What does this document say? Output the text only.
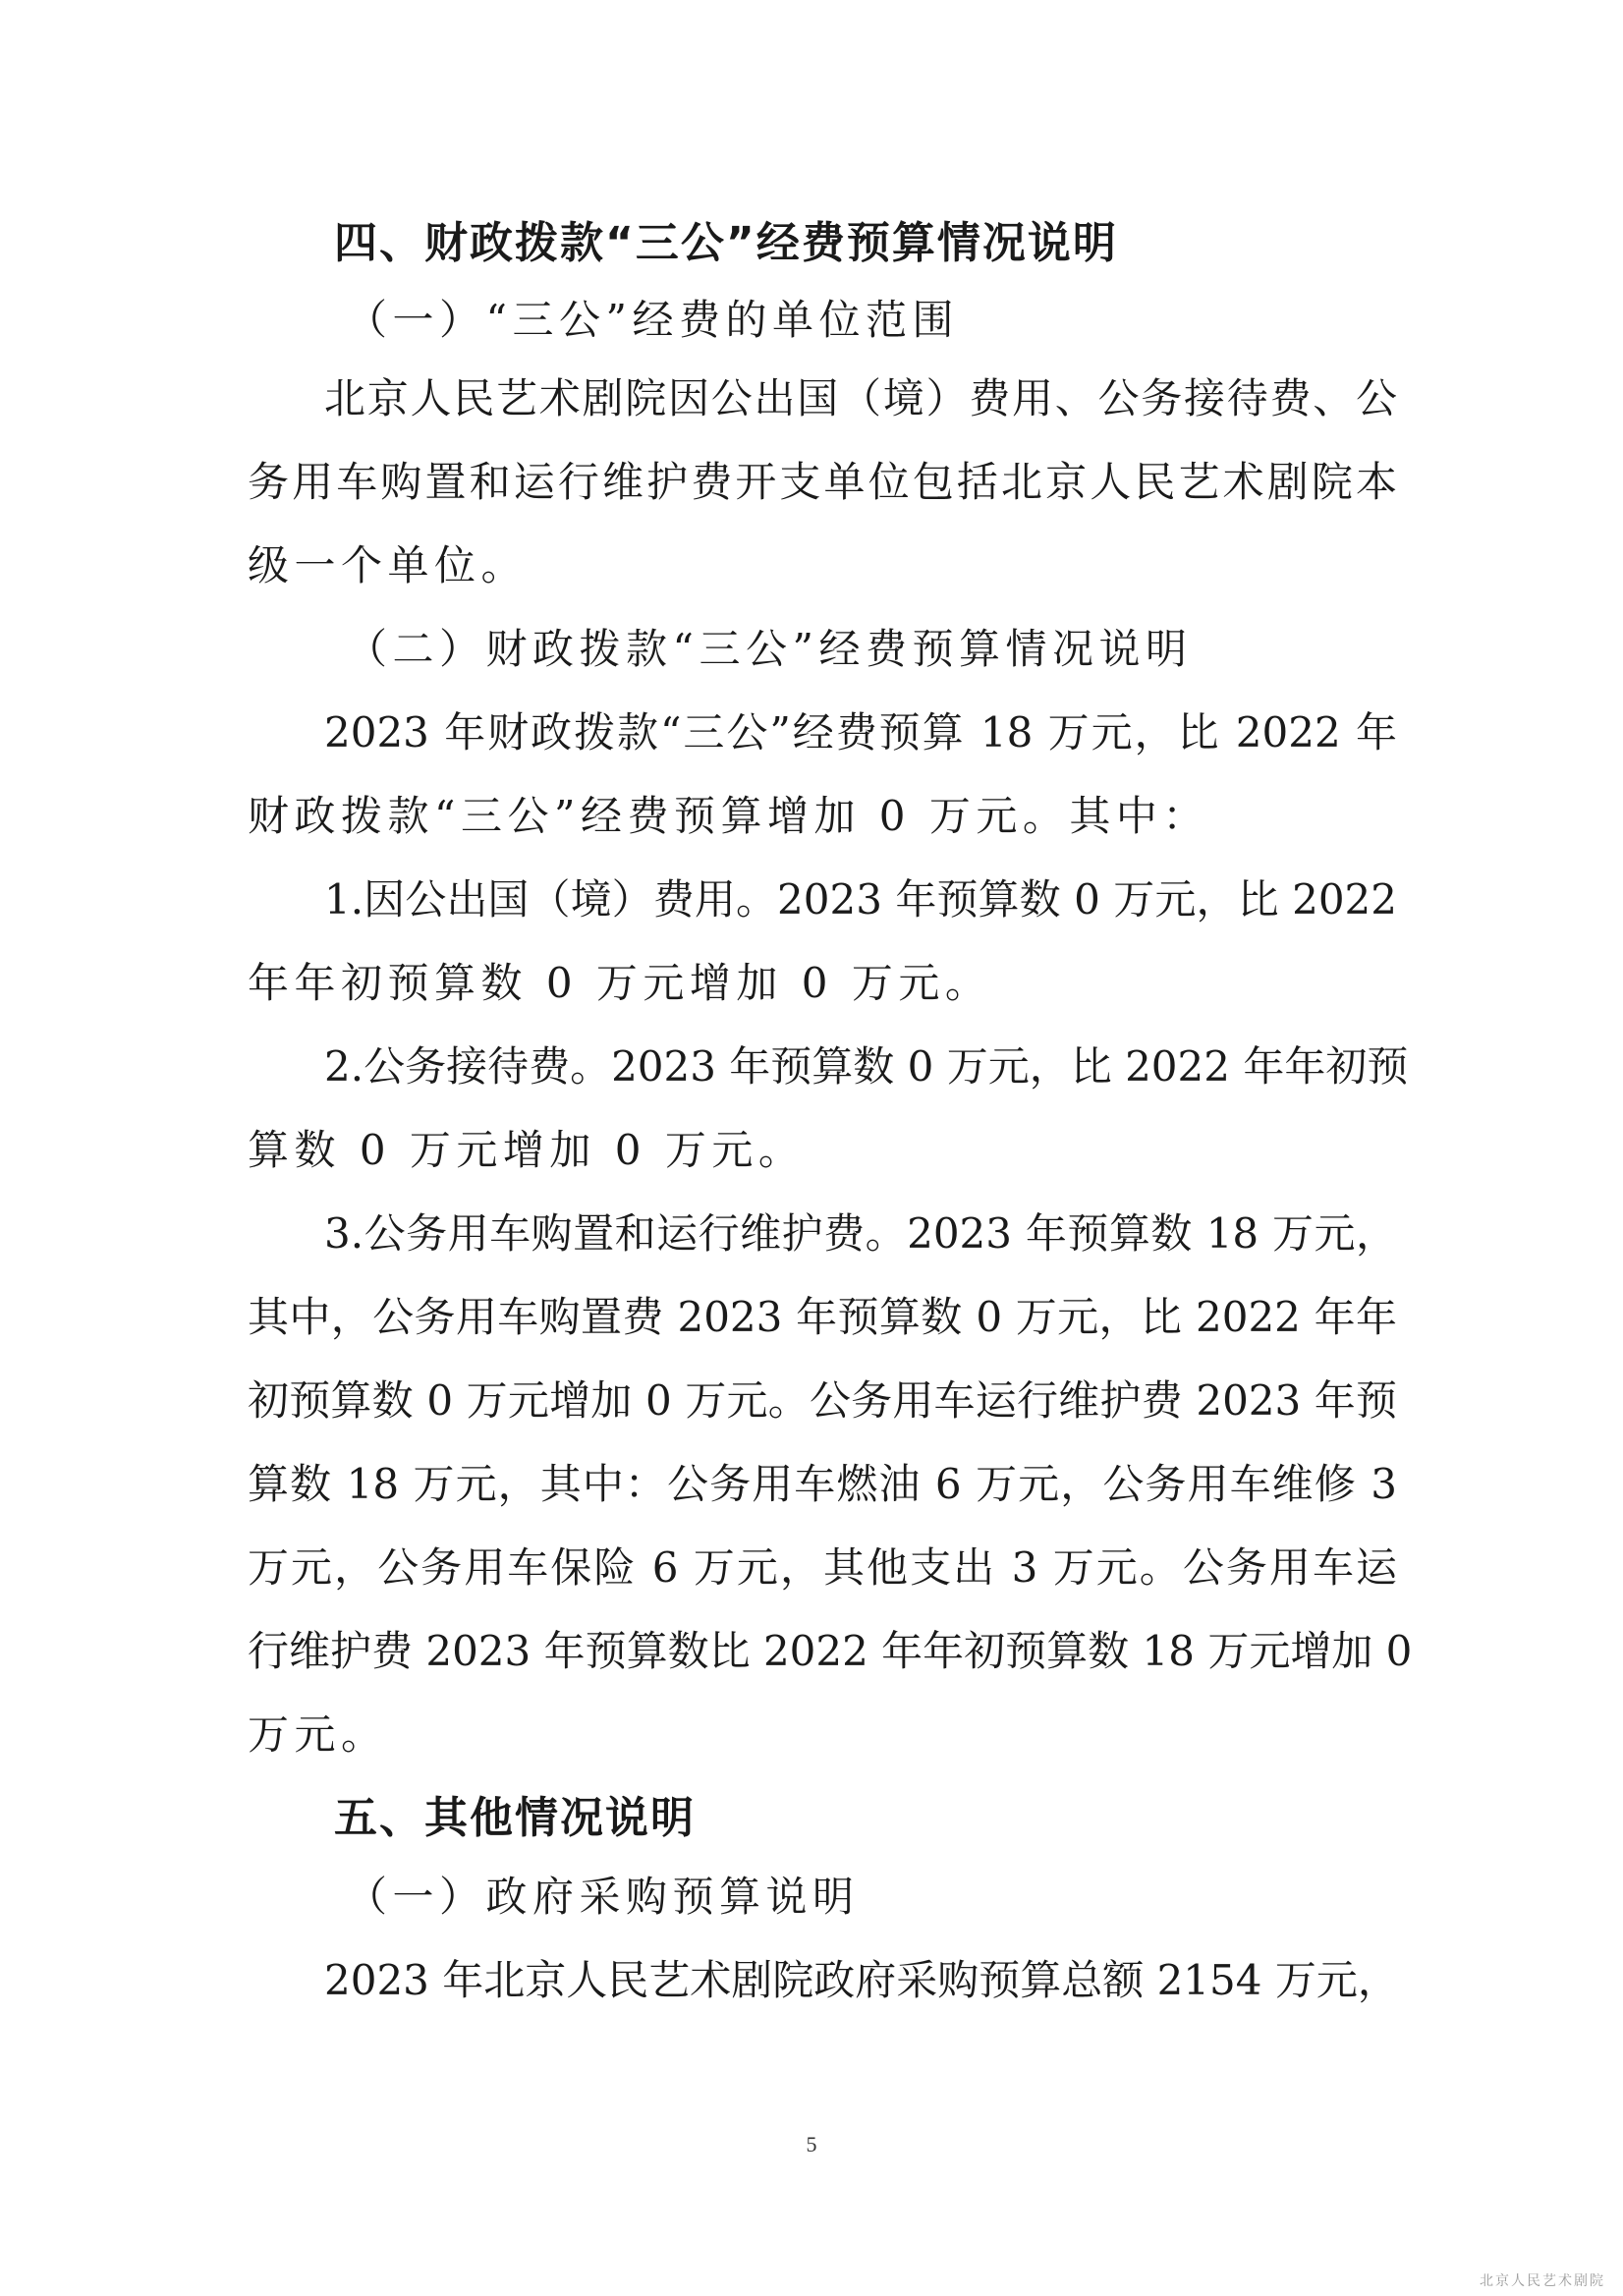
四、财政拨款“三公”经费预算情况说明
（一）“三公”经费的单位范围
北京人民艺术剧院因公出国（境）费用、公务接待费、公
务用车购置和运行维护费开支单位包括北京人民艺术剧院本
级一个单位。
（二）财政拨款“三公”经费预算情况说明
2023 年财政拨款“三公”经费预算 18 万元，比 2022 年
财政拨款“三公”经费预算增加 0 万元。其中：
1.因公出国（境）费用。2023 年预算数 0 万元，比 2022
年年初预算数 0 万元增加 0 万元。
2.公务接待费。2023 年预算数 0 万元，比 2022 年年初预
算数 0 万元增加 0 万元。
3.公务用车购置和运行维护费。2023 年预算数 18 万元，
其中，公务用车购置费 2023 年预算数 0 万元，比 2022 年年
初预算数 0 万元增加 0 万元。公务用车运行维护费 2023 年预
算数 18 万元，其中：公务用车燃油 6 万元，公务用车维修 3
万元，公务用车保险 6 万元，其他支出 3 万元。公务用车运
行维护费 2023 年预算数比 2022 年年初预算数 18 万元增加 0
万元。
五、其他情况说明
（一）政府采购预算说明
2023 年北京人民艺术剧院政府采购预算总额 2154 万元，
5
北京人民艺术剧院
